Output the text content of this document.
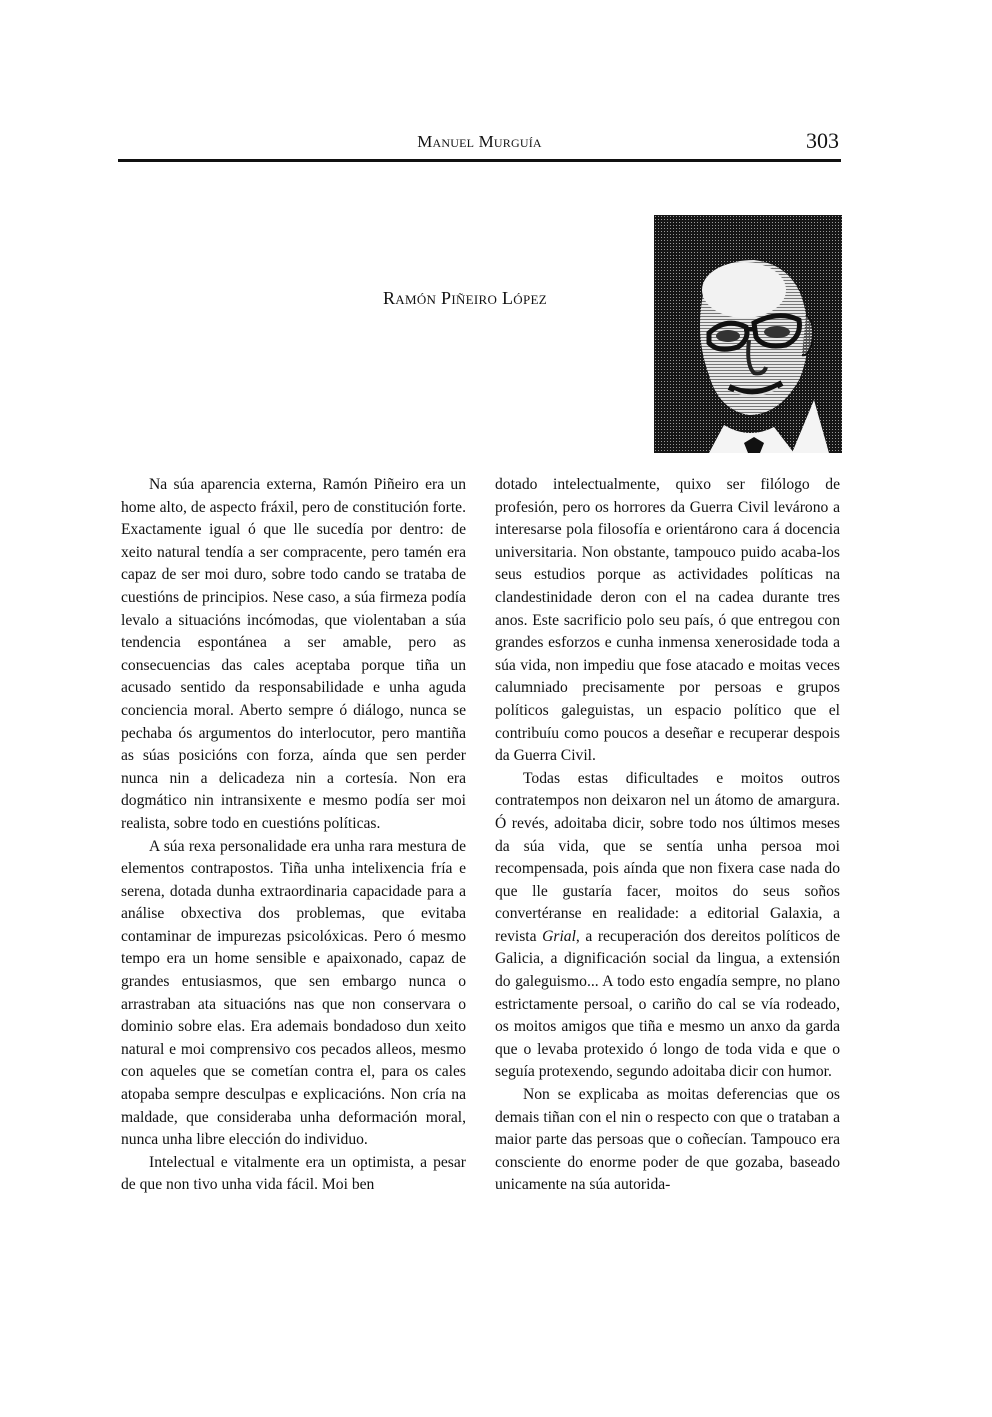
Manuel Murguía	303
Ramón Piñeiro López

Na súa aparencia externa, Ramón Piñeiro era un home alto, de aspecto fráxil, pero de constitución forte. Exactamente igual ó que lle sucedía por dentro: de xeito natural tendía a ser compracente, pero tamén era capaz de ser moi duro, sobre todo cando se trataba de cuestións de principios. Nese caso, a súa firmeza podía levalo a situacións incómodas, que violentaban a súa tendencia espontánea a ser amable, pero as consecuencias das cales aceptaba porque tiña un acusado sentido da responsabilidade e unha aguda conciencia moral. Aberto sempre ó diálogo, nunca se pechaba ós argumentos do interlocutor, pero mantiña as súas posicións con forza, aínda que sen perder nunca nin a delicadeza nin a cortesía. Non era dogmático nin intransixente e mesmo podía ser moi realista, sobre todo en cuestións políticas.

A súa rexa personalidade era unha rara mestura de elementos contrapostos. Tiña unha intelixencia fría e serena, dotada dunha extraordinaria capacidade para a análise obxectiva dos problemas, que evitaba contaminar de impurezas psicolóxicas. Pero ó mesmo tempo era un home sensible e apaixonado, capaz de grandes entusiasmos, que sen embargo nunca o arrastraban ata situacións nas que non conservara o dominio sobre elas. Era ademais bondadoso dun xeito natural e moi comprensivo cos pecados alleos, mesmo con aqueles que se cometían contra el, para os cales atopaba sempre desculpas e explicacións. Non cría na maldade, que consideraba unha deformación moral, nunca unha libre elección do individuo.

Intelectual e vitalmente era un optimista, a pesar de que non tivo unha vida fácil. Moi ben

dotado intelectualmente, quixo ser filólogo de profesión, pero os horrores da Guerra Civil levárono a interesarse pola filosofía e orientárono cara á docencia universitaria. Non obstante, tampouco puido acaba-los seus estudios porque as actividades políticas na clandestinidade deron con el na cadea durante tres anos. Este sacrificio polo seu país, ó que entregou con grandes esforzos e cunha inmensa xenerosidade toda a súa vida, non impediu que fose atacado e moitas veces calumniado precisamente por persoas e grupos políticos galeguistas, un espacio político que el contribuíu como poucos a deseñar e recuperar despois da Guerra Civil.

Todas estas dificultades e moitos outros contratempos non deixaron nel un átomo de amargura. Ó revés, adoitaba dicir, sobre todo nos últimos meses da súa vida, que se sentía unha persoa moi recompensada, pois aínda que non fixera case nada do que lle gustaría facer, moitos do seus soños convertéranse en realidade: a editorial Galaxia, a revista Grial, a recuperación dos dereitos políticos de Galicia, a dignificación social da lingua, a extensión do galeguismo... A todo esto engadía sempre, no plano estrictamente persoal, o cariño do cal se vía rodeado, os moitos amigos que tiña e mesmo un anxo da garda que o levaba protexido ó longo de toda vida e que o seguía protexendo, segundo adoitaba dicir con humor.

Non se explicaba as moitas deferencias que os demais tiñan con el nin o respecto con que o trataban a maior parte das persoas que o coñecían. Tampouco era consciente do enorme poder de que gozaba, baseado unicamente na súa autorida-
